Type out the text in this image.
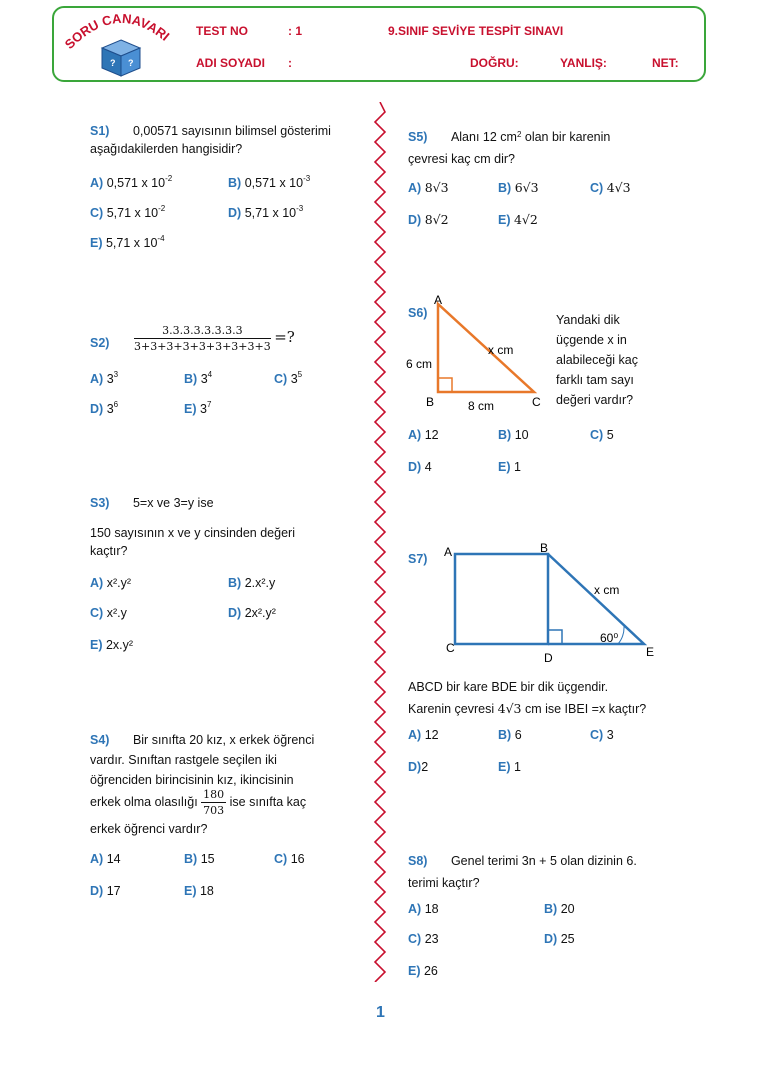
SORU CANAVARI
? ?
TEST NO	: 1	9.SINIF SEVİYE TESPİT SINAVI
ADI SOYADI :	DOĞRU:	YANLIŞ:	NET:
S1) 0,00571 sayısının bilimsel gösterimi
aşağıdakilerden hangisidir?
A) 0,571 x $10^{-2}$	B) 0,571 x $10^{-3}$
C) 5,71 x $10^{-2}$	D) 5,71 x $10^{-3}$
E) 5,71 x $10^{-4}$
$S2) \frac{3.3.3.3.3.3.3.3}{3+3+3+3+3+3+3+3+3}$ =?
A) $3^3$	B) $3^4$	C) $3^5$
D) $3^6$	E) $3^7$
S3) 5=x ve 3=y ise
150 sayısının x ve y cinsinden değeri
kaçtır?
A) x².y²	B) 2.x².y
C) x².y	D) 2x².y²
E) 2x.y²
S4) Bir sınıfta 20 kız, x erkek öğrenci
vardır. Sınıftan rastgele seçilen iki
öğrenciden birincisinin kız, ikincisinin
erkek olma olasılığı $\frac{180}{703}$ ise sınıfta kaç
erkek öğrenci vardır?
A) 14	B) 15	C) 16
D) 17	E) 18
S5) Alanı 12 $cm^2$ olan bir karenin
çevresi kaç cm dir?
A) 8√3	B) 6√3	C) 4√3
D) 8√2	E) 4√2
S6)
A
B	C
6 cm
8 cm
x cm
Yandaki dik
üçgende x in
alabileceği kaç
farklı tam sayı
değeri vardır?
A) 12	B) 10	C) 5
D) 4	E) 1
S7) A	B
C
D	E
x cm
60⁰
ABCD bir kare BDE bir dik üçgendir.
Karenin çevresi 4√3 cm ise IBEI =x kaçtır?
A) 12	B) 6	C) 3
D)2	E) 1
S8) Genel terimi 3n + 5 olan dizinin 6.
terimi kaçtır?
A) 18	B) 20
C) 23	D) 25
E) 26
1
